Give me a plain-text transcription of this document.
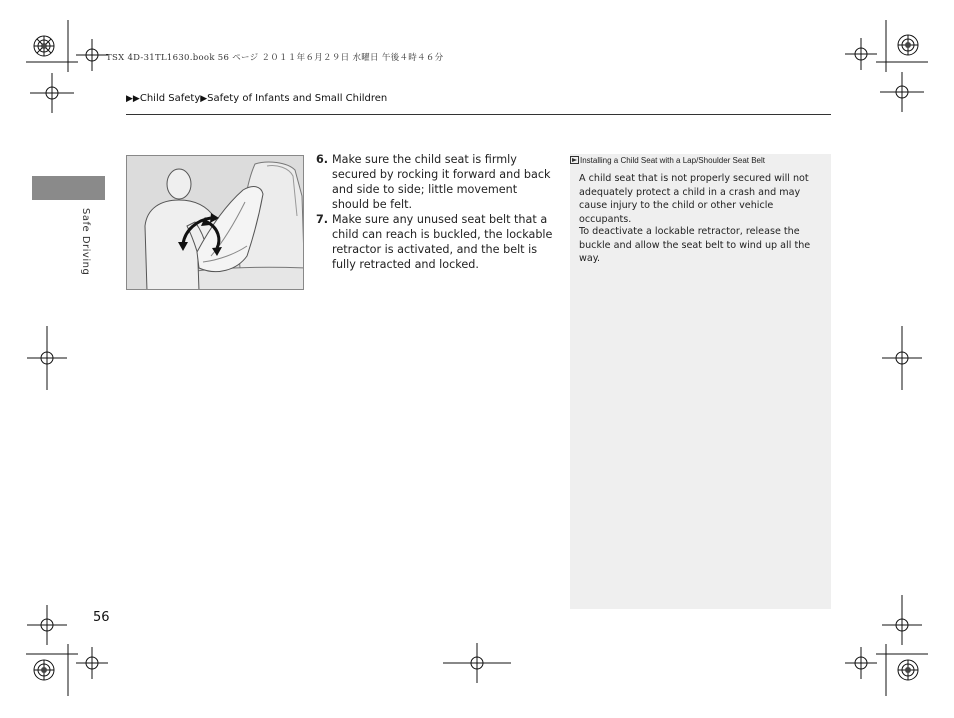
TSX 4D-31TL1630.book 56 ページ ２０１１年６月２９日 水曜日 午後４時４６分
▶▶Child Safety▶Safety of Infants and Small Children
Safe Driving
6. Make sure the child seat is firmly secured by rocking it forward and back and side to side; little movement should be felt.
7. Make sure any unused seat belt that a child can reach is buckled, the lockable retractor is activated, and the belt is fully retracted and locked.
Installing a Child Seat with a Lap/Shoulder Seat Belt

A child seat that is not properly secured will not adequately protect a child in a crash and may cause injury to the child or other vehicle occupants.

To deactivate a lockable retractor, release the buckle and allow the seat belt to wind up all the way.

56
